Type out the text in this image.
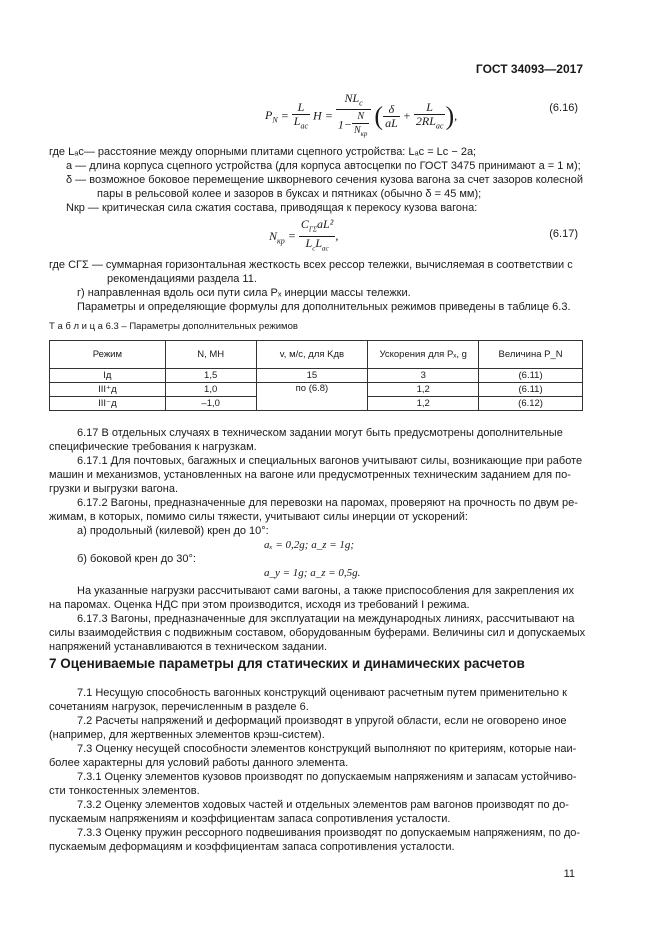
ГОСТ 34093—2017
$P_N = \frac{L}{L_{ас}}$ $H = \frac{NL_c}{1- \frac{N}{N_{кр}}}$ ( $\frac{\delta}{aL} + \frac{L}{2RL_{ас}}$ ),
(6.16)
где Lₐс— расстояние между опорными плитами сцепного устройства: Lₐс = Lс − 2a;
a — длина корпуса сцепного устройства (для корпуса автосцепки по ГОСТ 3475 принимают a = 1 м);
δ — возможное боковое перемещение шкворневого сечения кузова вагона за счет зазоров колесной
пары в рельсовой колее и зазоров в буксах и пятниках (обычно δ = 45 мм);
Nкр — критическая сила сжатия состава, приводящая к перекосу кузова вагона:
$N_{кр} = \frac{C_{Г\Sigma}aL^2}{L_cL_{ас}}$ ,	(6.17)
где CГΣ — суммарная горизонтальная жесткость всех рессор тележки, вычисляемая в соответствии с
рекомендациями раздела 11.
г) направленная вдоль оси пути сила Pₓ инерции массы тележки.
Параметры и определяющие формулы для дополнительных режимов приведены в таблице 6.3.
Т а б л и ц а 6.3 – Параметры дополнительных режимов
Режим	N, МН	v, м/с, для Kдв	Ускорения для Pₓ, g	Величина P_N
Iд	1,5	15	3	(6.11)
III⁺д	1,0	по (6.8)	1,2	(6.11)
III⁻д	–1,0		1,2	(6.12)
6.17 В отдельных случаях в техническом задании могут быть предусмотрены дополнительные
специфические требования к нагрузкам.
6.17.1 Для почтовых, багажных и специальных вагонов учитывают силы, возникающие при работе
машин и механизмов, установленных на вагоне или предусмотренных техническим заданием для по-
грузки и выгрузки вагона.
6.17.2 Вагоны, предназначенные для перевозки на паромах, проверяют на прочность по двум ре-
жимам, в которых, помимо силы тяжести, учитывают силы инерции от ускорений:
а) продольный (килевой) крен до 10°:
aₓ = 0,2g; a_z = 1g;
б) боковой крен до 30°:
a_y = 1g; a_z = 0,5g.
На указанные нагрузки рассчитывают сами вагоны, а также приспособления для закрепления их
на паромах. Оценка НДС при этом производится, исходя из требований I режима.
6.17.3 Вагоны, предназначенные для эксплуатации на международных линиях, рассчитывают на
силы взаимодействия с подвижным составом, оборудованным буферами. Величины сил и допускаемых
напряжений устанавливаются в техническом задании.
7 Оцениваемые параметры для статических и динамических расчетов
7.1 Несущую способность вагонных конструкций оценивают расчетным путем применительно к
сочетаниям нагрузок, перечисленным в разделе 6.
7.2 Расчеты напряжений и деформаций производят в упругой области, если не оговорено иное
(например, для жертвенных элементов крэш-систем).
7.3 Оценку несущей способности элементов конструкций выполняют по критериям, которые наи-
более характерны для условий работы данного элемента.
7.3.1 Оценку элементов кузовов производят по допускаемым напряжениям и запасам устойчиво-
сти тонкостенных элементов.
7.3.2 Оценку элементов ходовых частей и отдельных элементов рам вагонов производят по до-
пускаемым напряжениям и коэффициентам запаса сопротивления усталости.
7.3.3 Оценку пружин рессорного подвешивания производят по допускаемым напряжениям, по до-
пускаемым деформациям и коэффициентам запаса сопротивления усталости.
11
